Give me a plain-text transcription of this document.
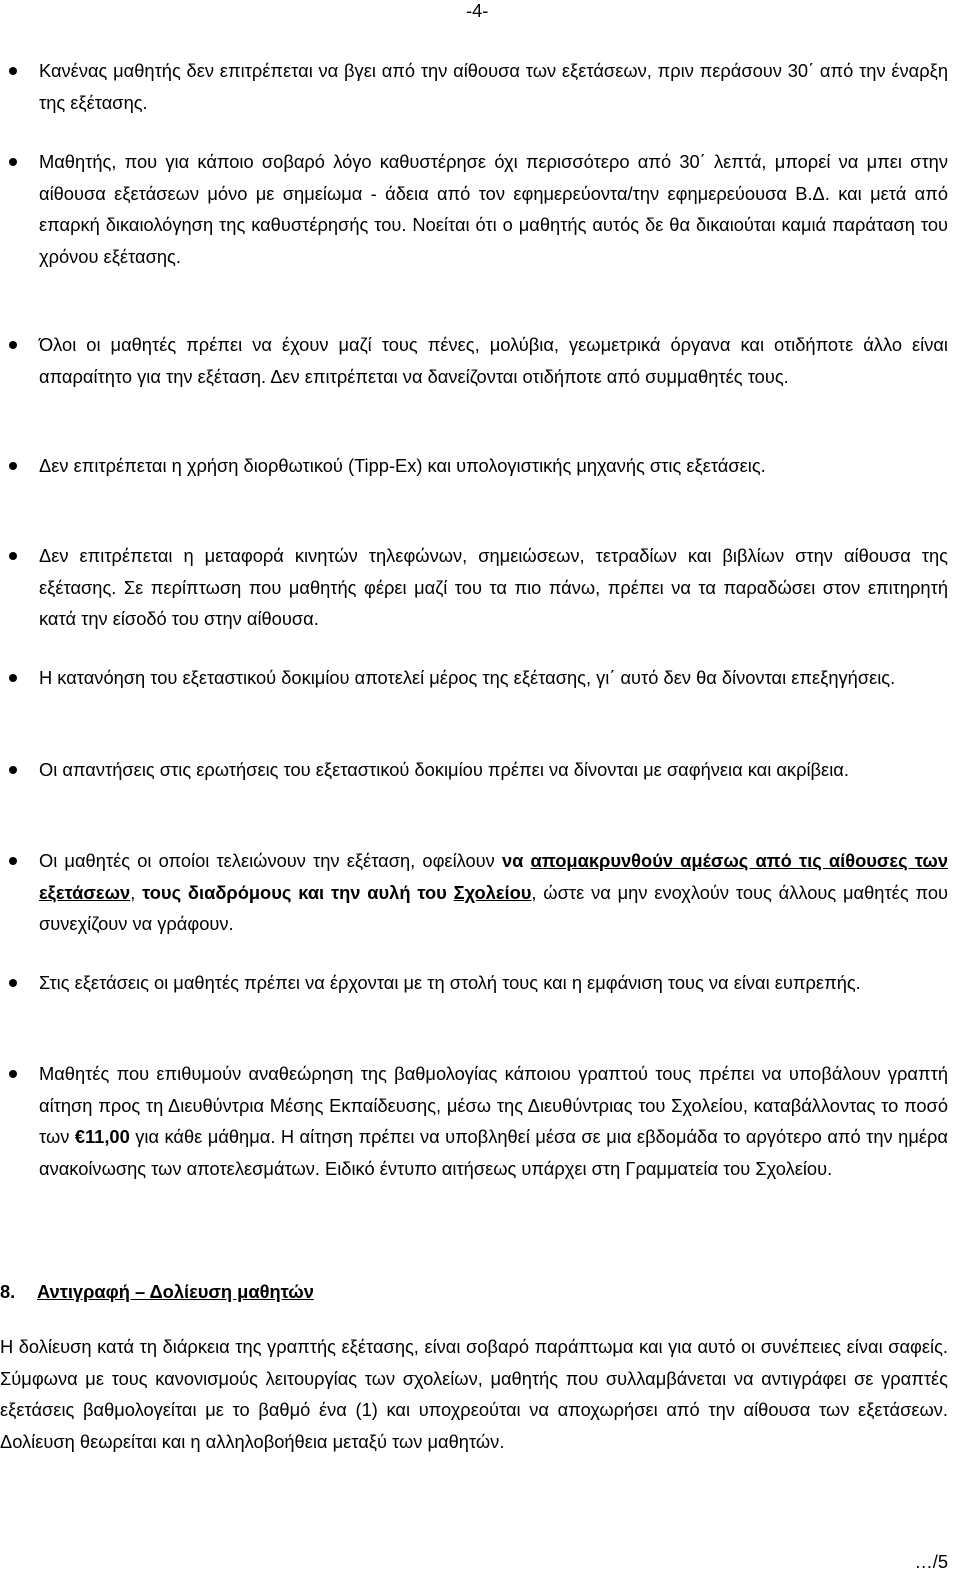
-4-
Κανένας μαθητής δεν επιτρέπεται να βγει από την αίθουσα των εξετάσεων, πριν περάσουν 30΄ από την έναρξη της εξέτασης.
Μαθητής, που για κάποιο σοβαρό λόγο καθυστέρησε όχι περισσότερο από 30΄ λεπτά, μπορεί να μπει στην αίθουσα εξετάσεων μόνο με σημείωμα - άδεια από τον εφημερεύοντα/την εφημερεύουσα Β.Δ. και μετά από επαρκή δικαιολόγηση της καθυστέρησής του. Νοείται ότι ο μαθητής αυτός δε θα δικαιούται καμιά παράταση του χρόνου εξέτασης.
Όλοι οι μαθητές πρέπει να έχουν μαζί τους πένες, μολύβια, γεωμετρικά όργανα και οτιδήποτε άλλο είναι απαραίτητο για την εξέταση. Δεν επιτρέπεται να δανείζονται οτιδήποτε από συμμαθητές τους.
Δεν επιτρέπεται η χρήση διορθωτικού (Tipp-Ex) και υπολογιστικής μηχανής στις εξετάσεις.
Δεν επιτρέπεται η μεταφορά κινητών τηλεφώνων, σημειώσεων, τετραδίων και βιβλίων στην αίθουσα της εξέτασης. Σε περίπτωση που μαθητής φέρει μαζί του τα πιο πάνω, πρέπει να τα παραδώσει στον επιτηρητή κατά την είσοδό του στην αίθουσα.
Η κατανόηση του εξεταστικού δοκιμίου αποτελεί μέρος της εξέτασης, γι΄ αυτό δεν θα δίνονται επεξηγήσεις.
Οι απαντήσεις στις ερωτήσεις του εξεταστικού δοκιμίου πρέπει να δίνονται με σαφήνεια και ακρίβεια.
Οι μαθητές οι οποίοι τελειώνουν την εξέταση, οφείλουν να απομακρυνθούν αμέσως από τις αίθουσες των εξετάσεων, τους διαδρόμους και την αυλή του Σχολείου, ώστε να μην ενοχλούν τους άλλους μαθητές που συνεχίζουν να γράφουν.
Στις εξετάσεις οι μαθητές πρέπει να έρχονται με τη στολή τους και η εμφάνιση τους να είναι ευπρεπής.
Μαθητές που επιθυμούν αναθεώρηση της βαθμολογίας κάποιου γραπτού τους πρέπει να υποβάλουν γραπτή αίτηση προς τη Διευθύντρια Μέσης Εκπαίδευσης, μέσω της Διευθύντριας του Σχολείου, καταβάλλοντας το ποσό των €11,00 για κάθε μάθημα. Η αίτηση πρέπει να υποβληθεί μέσα σε μια εβδομάδα το αργότερο από την ημέρα ανακοίνωσης των αποτελεσμάτων. Ειδικό έντυπο αιτήσεως υπάρχει στη Γραμματεία του Σχολείου.
8. Αντιγραφή – Δολίευση μαθητών
Η δολίευση κατά τη διάρκεια της γραπτής εξέτασης, είναι σοβαρό παράπτωμα και για αυτό οι συνέπειες είναι σαφείς. Σύμφωνα με τους κανονισμούς λειτουργίας των σχολείων, μαθητής που συλλαμβάνεται να αντιγράφει σε γραπτές εξετάσεις βαθμολογείται με το βαθμό ένα (1) και υποχρεούται να αποχωρήσει από την αίθουσα των εξετάσεων. Δολίευση θεωρείται και η αλληλοβοήθεια μεταξύ των μαθητών.
…/5
